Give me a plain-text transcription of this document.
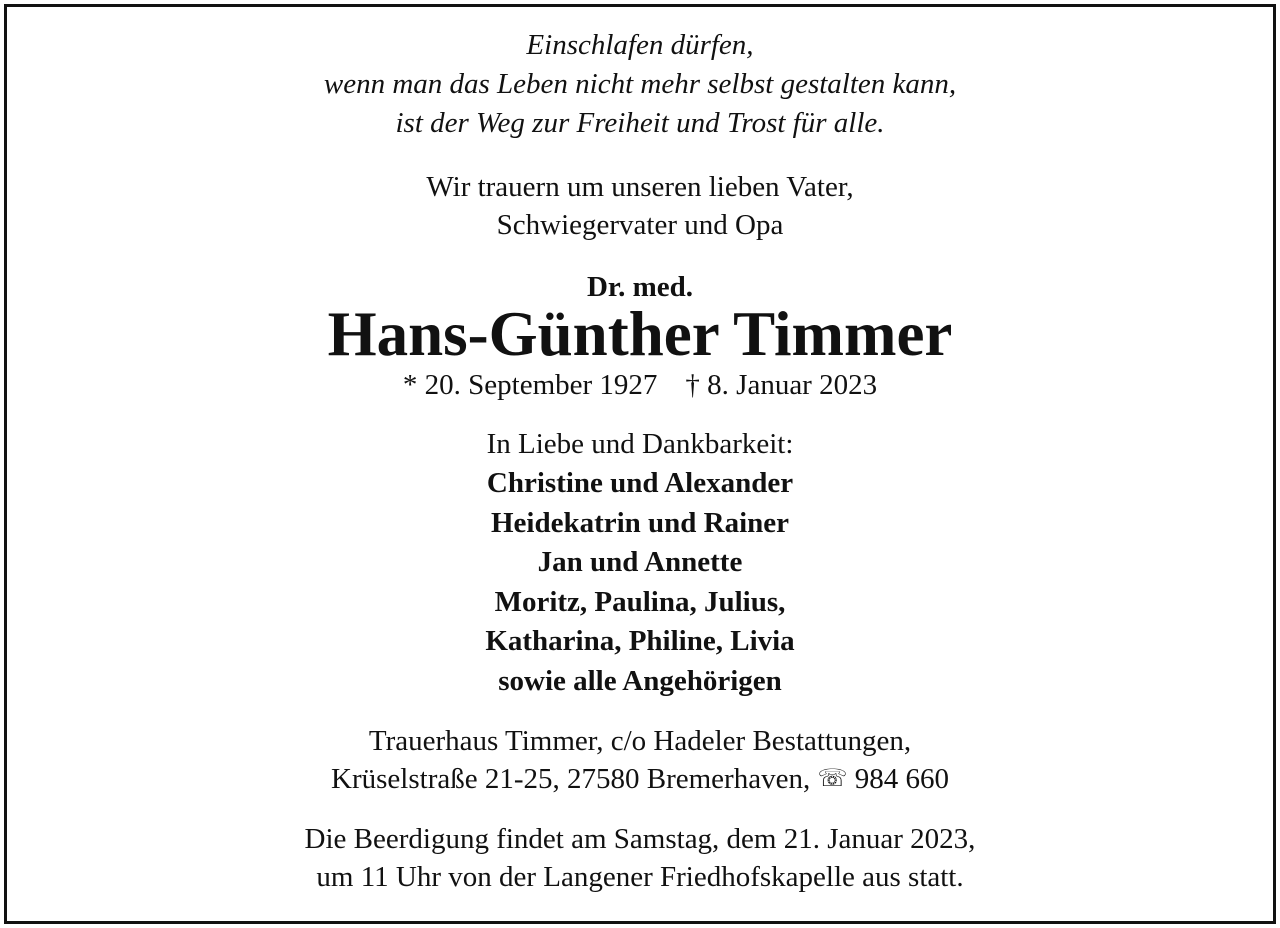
Einschlafen dürfen,
wenn man das Leben nicht mehr selbst gestalten kann,
ist der Weg zur Freiheit und Trost für alle.
Wir trauern um unseren lieben Vater,
Schwiegervater und Opa
Dr. med.
Hans-Günther Timmer
* 20. September 1927 † 8. Januar 2023
In Liebe und Dankbarkeit:
Christine und Alexander
Heidekatrin und Rainer
Jan und Annette
Moritz, Paulina, Julius,
Katharina, Philine, Livia
sowie alle Angehörigen
Trauerhaus Timmer, c/o Hadeler Bestattungen,
Krüselstraße 21-25, 27580 Bremerhaven, ☏ 984 660
Die Beerdigung findet am Samstag, dem 21. Januar 2023,
um 11 Uhr von der Langener Friedhofskapelle aus statt.
